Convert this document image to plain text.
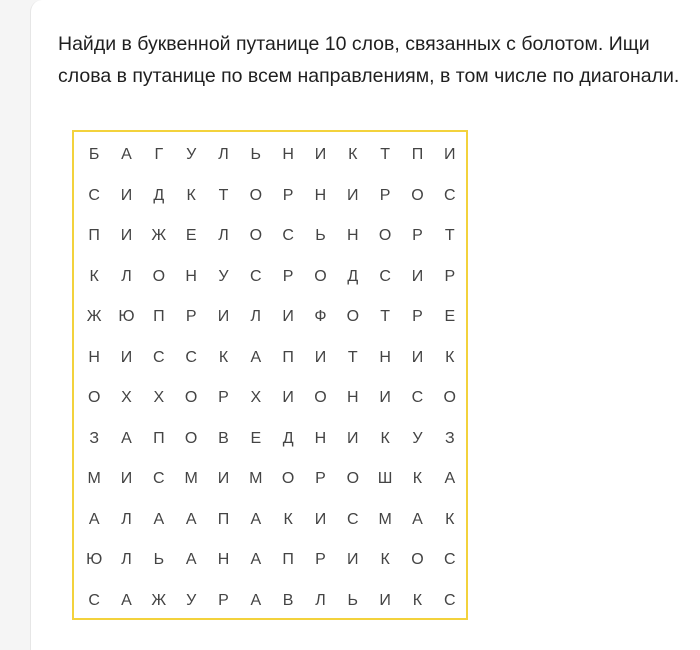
Найди в буквенной путанице 10 слов, связанных с болотом. Ищи слова в путанице по всем направлениям, в том числе по диагонали.

Б	А	Г	У	Л	Ь	Н	И	К	Т	П	И
С	И	Д	К	Т	О	Р	Н	И	Р	О	С
П	И	Ж	Е	Л	О	С	Ь	Н	О	Р	Т
К	Л	О	Н	У	С	Р	О	Д	С	И	Р
Ж	Ю	П	Р	И	Л	И	Ф	О	Т	Р	Е
Н	И	С	С	К	А	П	И	Т	Н	И	К
О	Х	Х	О	Р	Х	И	О	Н	И	С	О
З	А	П	О	В	Е	Д	Н	И	К	У	З
М	И	С	М	И	М	О	Р	О	Ш	К	А
А	Л	А	А	П	А	К	И	С	М	А	К
Ю	Л	Ь	А	Н	А	П	Р	И	К	О	С
С	А	Ж	У	Р	А	В	Л	Ь	И	К	С
